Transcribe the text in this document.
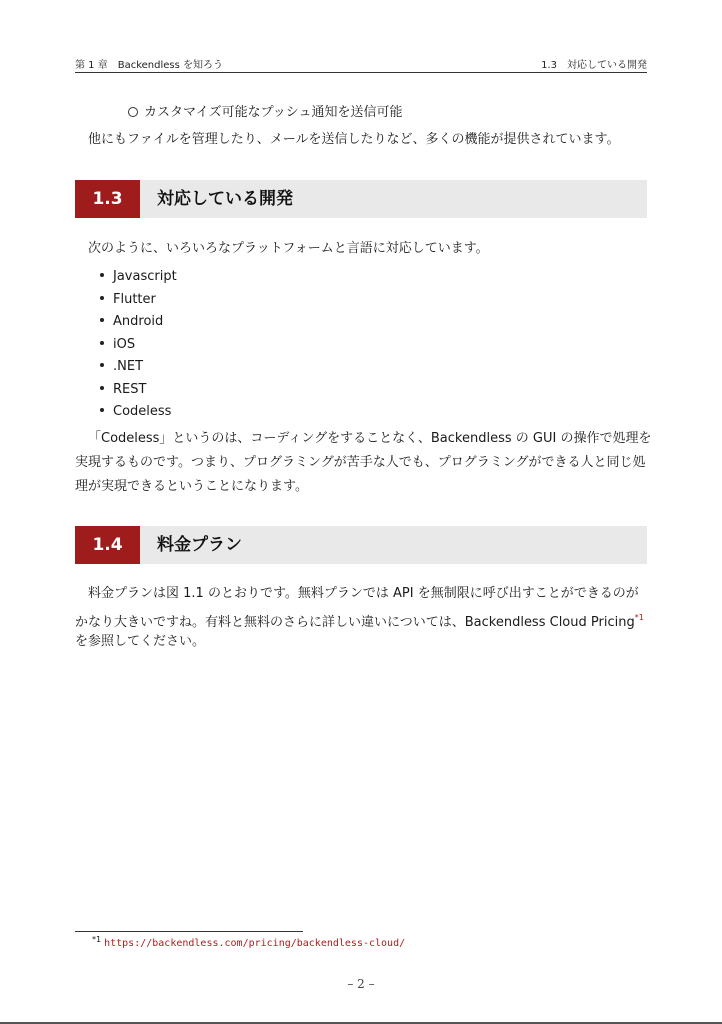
第 1 章　Backendless を知ろう	1.3　対応している開発
カスタマイズ可能なプッシュ通知を送信可能
他にもファイルを管理したり、メールを送信したりなど、多くの機能が提供されています。
1.3	対応している開発
次のように、いろいろなプラットフォームと言語に対応しています。
Javascript
Flutter
Android
iOS
.NET
REST
Codeless
「Codeless」というのは、コーディングをすることなく、Backendless の GUI の操作で処理を
実現するものです。つまり、プログラミングが苦手な人でも、プログラミングができる人と同じ処
理が実現できるということになります。
1.4	料金プラン
料金プランは図 1.1 のとおりです。無料プランでは API を無制限に呼び出すことができるのが
かなり大きいですね。有料と無料のさらに詳しい違いについては、Backendless Cloud Pricing$^{*1}$
を参照してください。
$^{*1}$ https://backendless.com/pricing/backendless-cloud/
– 2 –
